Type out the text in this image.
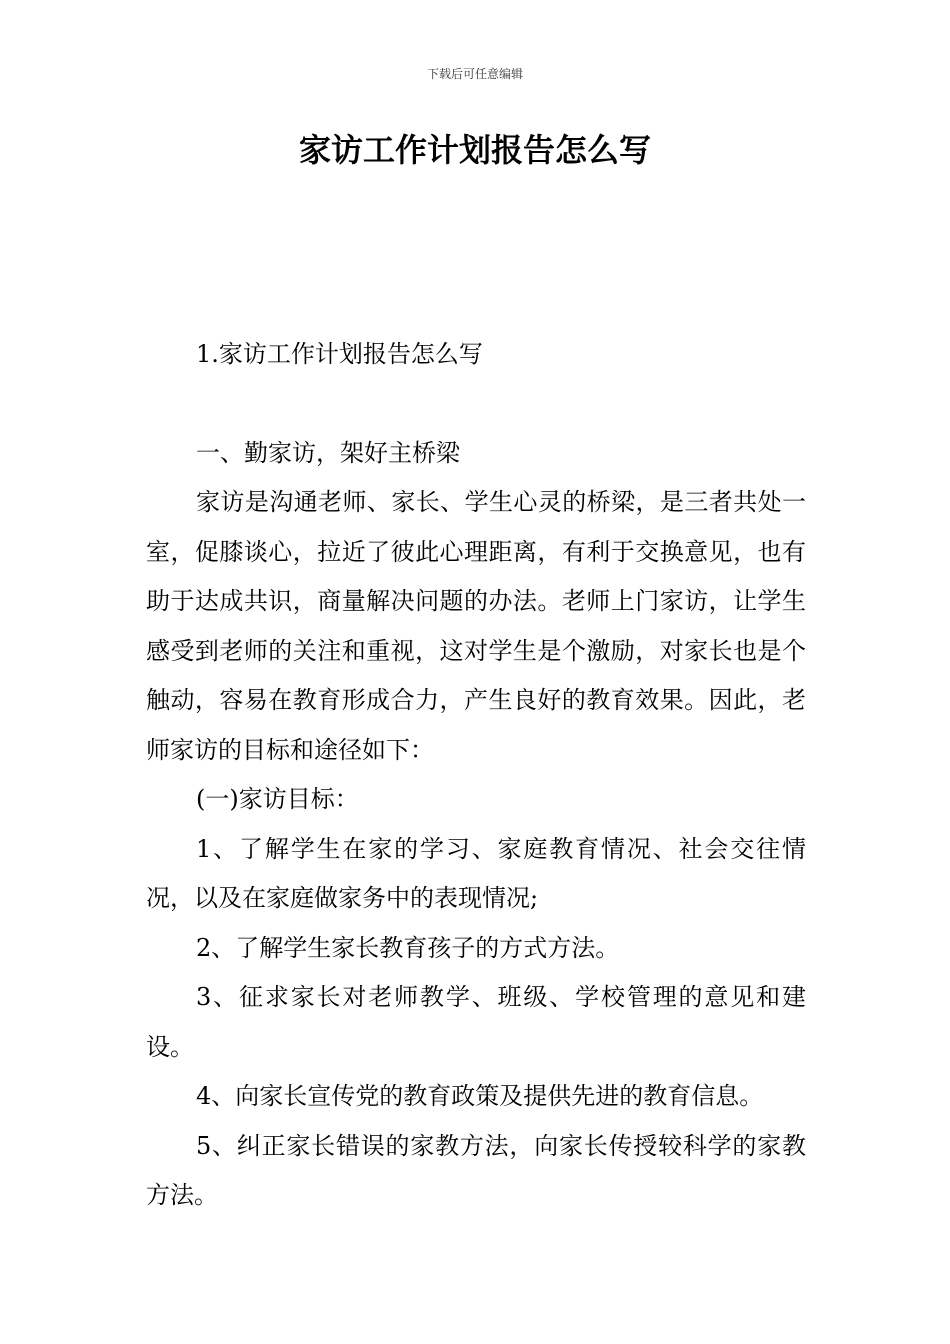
下载后可任意编辑
家访工作计划报告怎么写

1.家访工作计划报告怎么写

一、勤家访，架好主桥梁

家访是沟通老师、家长、学生心灵的桥梁，是三者共处一室，促膝谈心，拉近了彼此心理距离，有利于交换意见，也有助于达成共识，商量解决问题的办法。老师上门家访，让学生感受到老师的关注和重视，这对学生是个激励，对家长也是个触动，容易在教育形成合力，产生良好的教育效果。因此，老师家访的目标和途径如下：

(一)家访目标：

1、了解学生在家的学习、家庭教育情况、社会交往情况，以及在家庭做家务中的表现情况;

2、了解学生家长教育孩子的方式方法。

3、征求家长对老师教学、班级、学校管理的意见和建设。

4、向家长宣传党的教育政策及提供先进的教育信息。

5、纠正家长错误的家教方法，向家长传授较科学的家教方法。
